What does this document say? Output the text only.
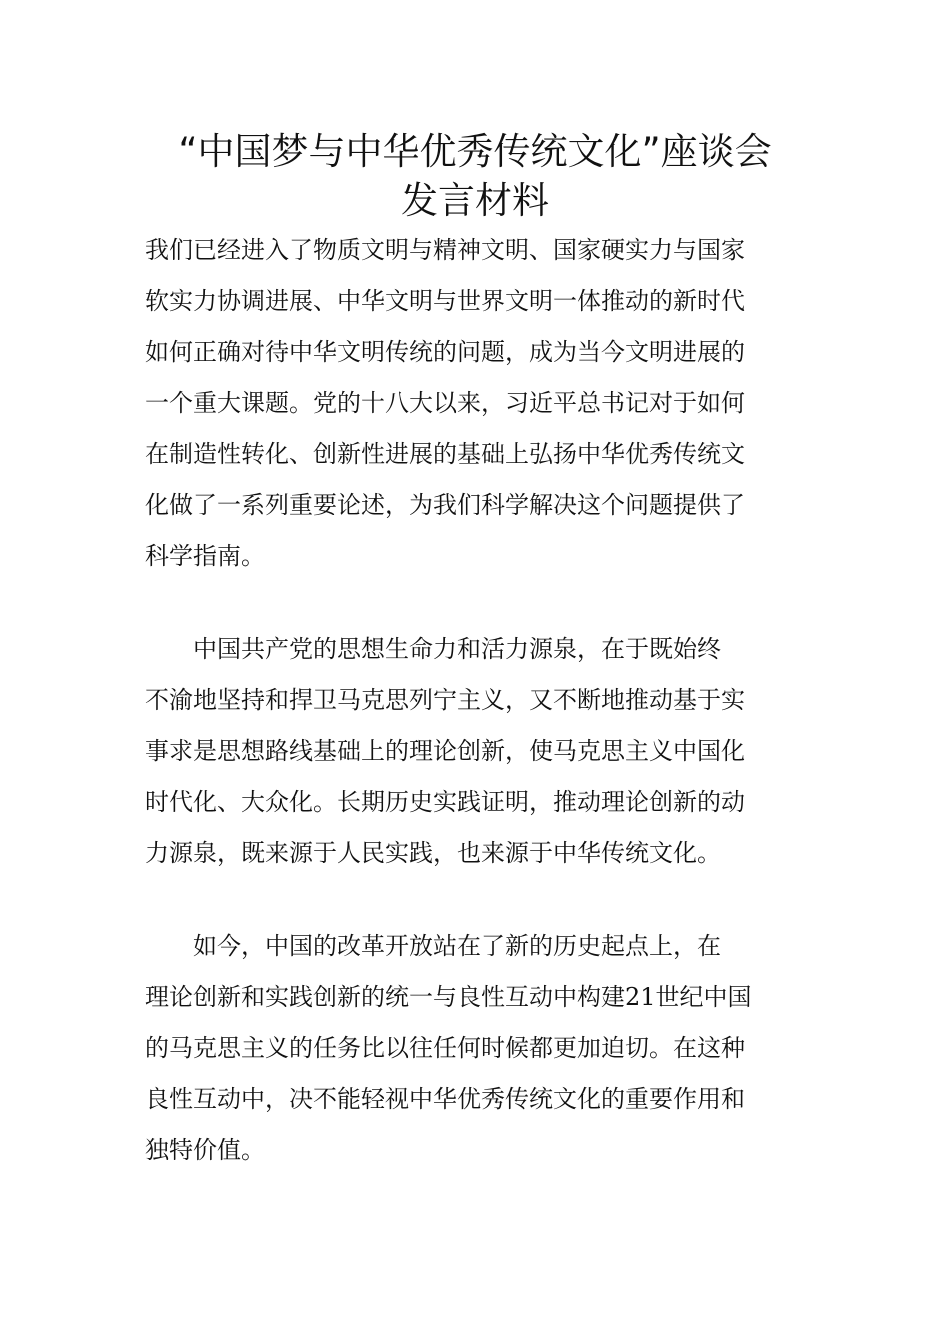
“中国梦与中华优秀传统文化”座谈会
发言材料

我们已经进入了物质文明与精神文明、国家硬实力与国家
软实力协调进展、中华文明与世界文明一体推动的新时代
如何正确对待中华文明传统的问题，成为当今文明进展的
一个重大课题。党的十八大以来，习近平总书记对于如何
在制造性转化、创新性进展的基础上弘扬中华优秀传统文
化做了一系列重要论述，为我们科学解决这个问题提供了
科学指南。

　　中国共产党的思想生命力和活力源泉，在于既始终
不渝地坚持和捍卫马克思列宁主义，又不断地推动基于实
事求是思想路线基础上的理论创新，使马克思主义中国化
时代化、大众化。长期历史实践证明，推动理论创新的动
力源泉，既来源于人民实践，也来源于中华传统文化。

　　如今，中国的改革开放站在了新的历史起点上，在
理论创新和实践创新的统一与良性互动中构建21世纪中国
的马克思主义的任务比以往任何时候都更加迫切。在这种
良性互动中，决不能轻视中华优秀传统文化的重要作用和
独特价值。
